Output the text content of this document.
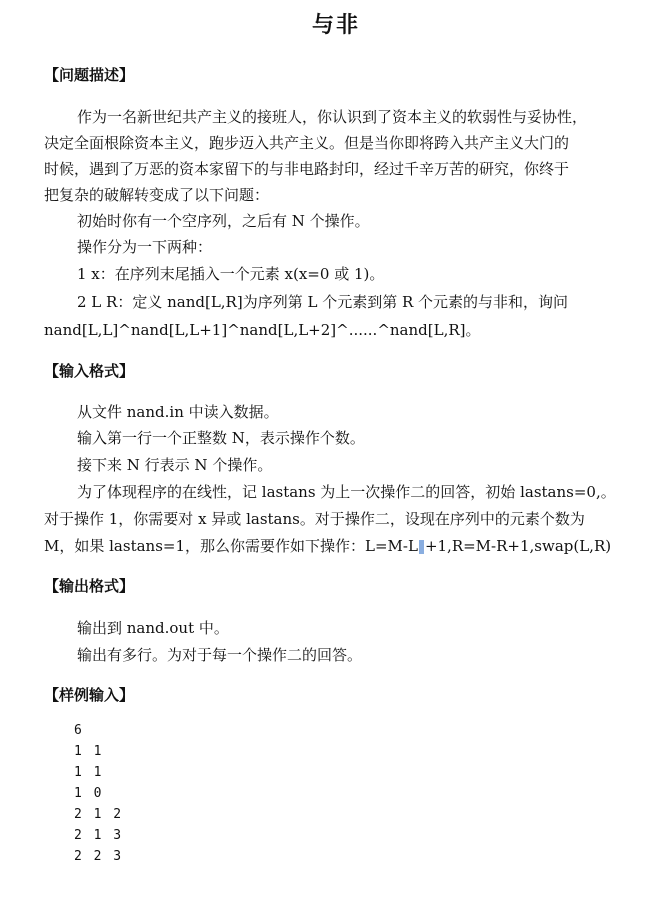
与非
【问题描述】
作为一名新世纪共产主义的接班人，你认识到了资本主义的软弱性与妥协性，
决定全面根除资本主义，跑步迈入共产主义。但是当你即将跨入共产主义大门的
时候，遇到了万恶的资本家留下的与非电路封印，经过千辛万苦的研究，你终于
把复杂的破解转变成了以下问题：
初始时你有一个空序列，之后有 N 个操作。
操作分为一下两种：
1 x：在序列末尾插入一个元素 x(x=0 或 1)。
2 L R：定义 nand[L,R]为序列第 L 个元素到第 R 个元素的与非和，询问
nand[L,L]^nand[L,L+1]^nand[L,L+2]^......^nand[L,R]。
【输入格式】
从文件 nand.in 中读入数据。
输入第一行一个正整数 N，表示操作个数。
接下来 N 行表示 N 个操作。
为了体现程序的在线性，记 lastans 为上一次操作二的回答，初始 lastans=0,。
对于操作 1，你需要对 x 异或 lastans。对于操作二，设现在序列中的元素个数为
M，如果 lastans=1，那么你需要作如下操作：L=M-L +1,R=M-R+1,swap(L,R)
【输出格式】
输出到 nand.out 中。
输出有多行。为对于每一个操作二的回答。
【样例输入】
6
1 1
1 1
1 0
2 1 2
2 1 3
2 2 3
